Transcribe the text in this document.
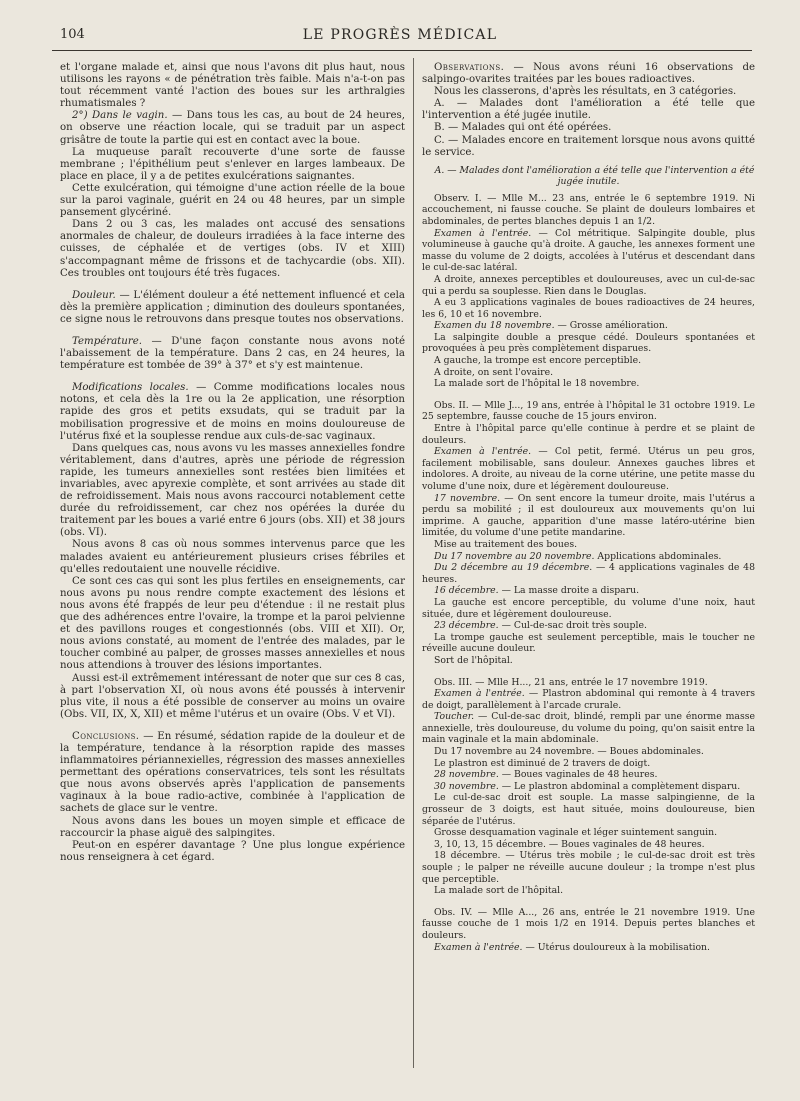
104	LE PROGRÈS MÉDICAL

et l'organe malade et, ainsi que nous l'avons dit plus haut, nous utilisons les rayons « de pénétration très faible. Mais n'a-t-on pas tout récemment vanté l'action des boues sur les arthralgies rhumatismales ?

2°) Dans le vagin. — Dans tous les cas, au bout de 24 heures, on observe une réaction locale, qui se traduit par un aspect grisâtre de toute la partie qui est en contact avec la boue.

La muqueuse paraît recouverte d'une sorte de fausse membrane ; l'épithélium peut s'enlever en larges lambeaux. De place en place, il y a de petites exulcérations saignantes.

Cette exulcération, qui témoigne d'une action réelle de la boue sur la paroi vaginale, guérit en 24 ou 48 heures, par un simple pansement glycériné.

Dans 2 ou 3 cas, les malades ont accusé des sensations anormales de chaleur, de douleurs irradiées à la face interne des cuisses, de céphalée et de vertiges (obs. IV et XIII) s'accompagnant même de frissons et de tachycardie (obs. XII). Ces troubles ont toujours été très fugaces.

Douleur. — L'élément douleur a été nettement influencé et cela dès la première application ; diminution des douleurs spontanées, ce signe nous le retrouvons dans presque toutes nos observations.

Température. — D'une façon constante nous avons noté l'abaissement de la température. Dans 2 cas, en 24 heures, la température est tombée de 39° à 37° et s'y est maintenue.

Modifications locales. — Comme modifications locales nous notons, et cela dès la 1re ou la 2e application, une résorption rapide des gros et petits exsudats, qui se traduit par la mobilisation progressive et de moins en moins douloureuse de l'utérus fixé et la souplesse rendue aux culs-de-sac vaginaux.

Dans quelques cas, nous avons vu les masses annexielles fondre véritablement, dans d'autres, après une période de régression rapide, les tumeurs annexielles sont restées bien limitées et invariables, avec apyrexie complète, et sont arrivées au stade dit de refroidissement. Mais nous avons raccourci notablement cette durée du refroidissement, car chez nos opérées la durée du traitement par les boues a varié entre 6 jours (obs. XII) et 38 jours (obs. VI).

Nous avons 8 cas où nous sommes intervenus parce que les malades avaient eu antérieurement plusieurs crises fébriles et qu'elles redoutaient une nouvelle récidive.

Ce sont ces cas qui sont les plus fertiles en enseignements, car nous avons pu nous rendre compte exactement des lésions et nous avons été frappés de leur peu d'étendue : il ne restait plus que des adhérences entre l'ovaire, la trompe et la paroi pelvienne et des pavillons rouges et congestionnés (obs. VIII et XII). Or, nous avions constaté, au moment de l'entrée des malades, par le toucher combiné au palper, de grosses masses annexielles et nous nous attendions à trouver des lésions importantes.

Aussi est-il extrêmement intéressant de noter que sur ces 8 cas, à part l'observation XI, où nous avons été poussés à intervenir plus vite, il nous a été possible de conserver au moins un ovaire (Obs. VII, IX, X, XII) et même l'utérus et un ovaire (Obs. V et VI).

Conclusions. — En résumé, sédation rapide de la douleur et de la température, tendance à la résorption rapide des masses inflammatoires périannexielles, régression des masses annexielles permettant des opérations conservatrices, tels sont les résultats que nous avons observés après l'application de pansements vaginaux à la boue radio-active, combinée à l'application de sachets de glace sur le ventre.

Nous avons dans les boues un moyen simple et efficace de raccourcir la phase aiguë des salpingites.

Peut-on en espérer davantage ? Une plus longue expérience nous renseignera à cet égard.

Observations. — Nous avons réuni 16 observations de salpingo-ovarites traitées par les boues radioactives.

Nous les classerons, d'après les résultats, en 3 catégories.

A. — Malades dont l'amélioration a été telle que l'intervention a été jugée inutile.

B. — Malades qui ont été opérées.

C. — Malades encore en traitement lorsque nous avons quitté le service.

A. — Malades dont l'amélioration a été telle que l'intervention a été jugée inutile.

Observ. I. — Mlle M... 23 ans, entrée le 6 septembre 1919. Ni accouchement, ni fausse couche. Se plaint de douleurs lombaires et abdominales, de pertes blanches depuis 1 an 1/2.

Examen à l'entrée. — Col métritique. Salpingite double, plus volumineuse à gauche qu'à droite. A gauche, les annexes forment une masse du volume de 2 doigts, accolées à l'utérus et descendant dans le cul-de-sac latéral.

A droite, annexes perceptibles et douloureuses, avec un cul-de-sac qui a perdu sa souplesse. Rien dans le Douglas.

A eu 3 applications vaginales de boues radioactives de 24 heures, les 6, 10 et 16 novembre.

Examen du 18 novembre. — Grosse amélioration.

La salpingite double a presque cédé. Douleurs spontanées et provoquées à peu près complètement disparues.

A gauche, la trompe est encore perceptible.

A droite, on sent l'ovaire.

La malade sort de l'hôpital le 18 novembre.

Obs. II. — Mlle J..., 19 ans, entrée à l'hôpital le 31 octobre 1919. Le 25 septembre, fausse couche de 15 jours environ.

Entre à l'hôpital parce qu'elle continue à perdre et se plaint de douleurs.

Examen à l'entrée. — Col petit, fermé. Utérus un peu gros, facilement mobilisable, sans douleur. Annexes gauches libres et indolores. A droite, au niveau de la corne utérine, une petite masse du volume d'une noix, dure et légèrement douloureuse.

17 novembre. — On sent encore la tumeur droite, mais l'utérus a perdu sa mobilité ; il est douloureux aux mouvements qu'on lui imprime. A gauche, apparition d'une masse latéro-utérine bien limitée, du volume d'une petite mandarine.

Mise au traitement des boues.

Du 17 novembre au 20 novembre. Applications abdominales.

Du 2 décembre au 19 décembre. — 4 applications vaginales de 48 heures.

16 décembre. — La masse droite a disparu.

La gauche est encore perceptible, du volume d'une noix, haut située, dure et légèrement douloureuse.

23 décembre. — Cul-de-sac droit très souple.

La trompe gauche est seulement perceptible, mais le toucher ne réveille aucune douleur.

Sort de l'hôpital.

Obs. III. — Mlle H..., 21 ans, entrée le 17 novembre 1919.

Examen à l'entrée. — Plastron abdominal qui remonte à 4 travers de doigt, parallèlement à l'arcade crurale.

Toucher. — Cul-de-sac droit, blindé, rempli par une énorme masse annexielle, très douloureuse, du volume du poing, qu'on saisit entre la main vaginale et la main abdominale.

Du 17 novembre au 24 novembre. — Boues abdominales.

Le plastron est diminué de 2 travers de doigt.

28 novembre. — Boues vaginales de 48 heures.

30 novembre. — Le plastron abdominal a complètement disparu.

Le cul-de-sac droit est souple. La masse salpingienne, de la grosseur de 3 doigts, est haut située, moins douloureuse, bien séparée de l'utérus.

Grosse desquamation vaginale et léger suintement sanguin.

3, 10, 13, 15 décembre. — Boues vaginales de 48 heures.

18 décembre. — Utérus très mobile ; le cul-de-sac droit est très souple ; le palper ne réveille aucune douleur ; la trompe n'est plus que perceptible.

La malade sort de l'hôpital.

Obs. IV. — Mlle A..., 26 ans, entrée le 21 novembre 1919. Une fausse couche de 1 mois 1/2 en 1914. Depuis pertes blanches et douleurs.

Examen à l'entrée. — Utérus douloureux à la mobilisation.
